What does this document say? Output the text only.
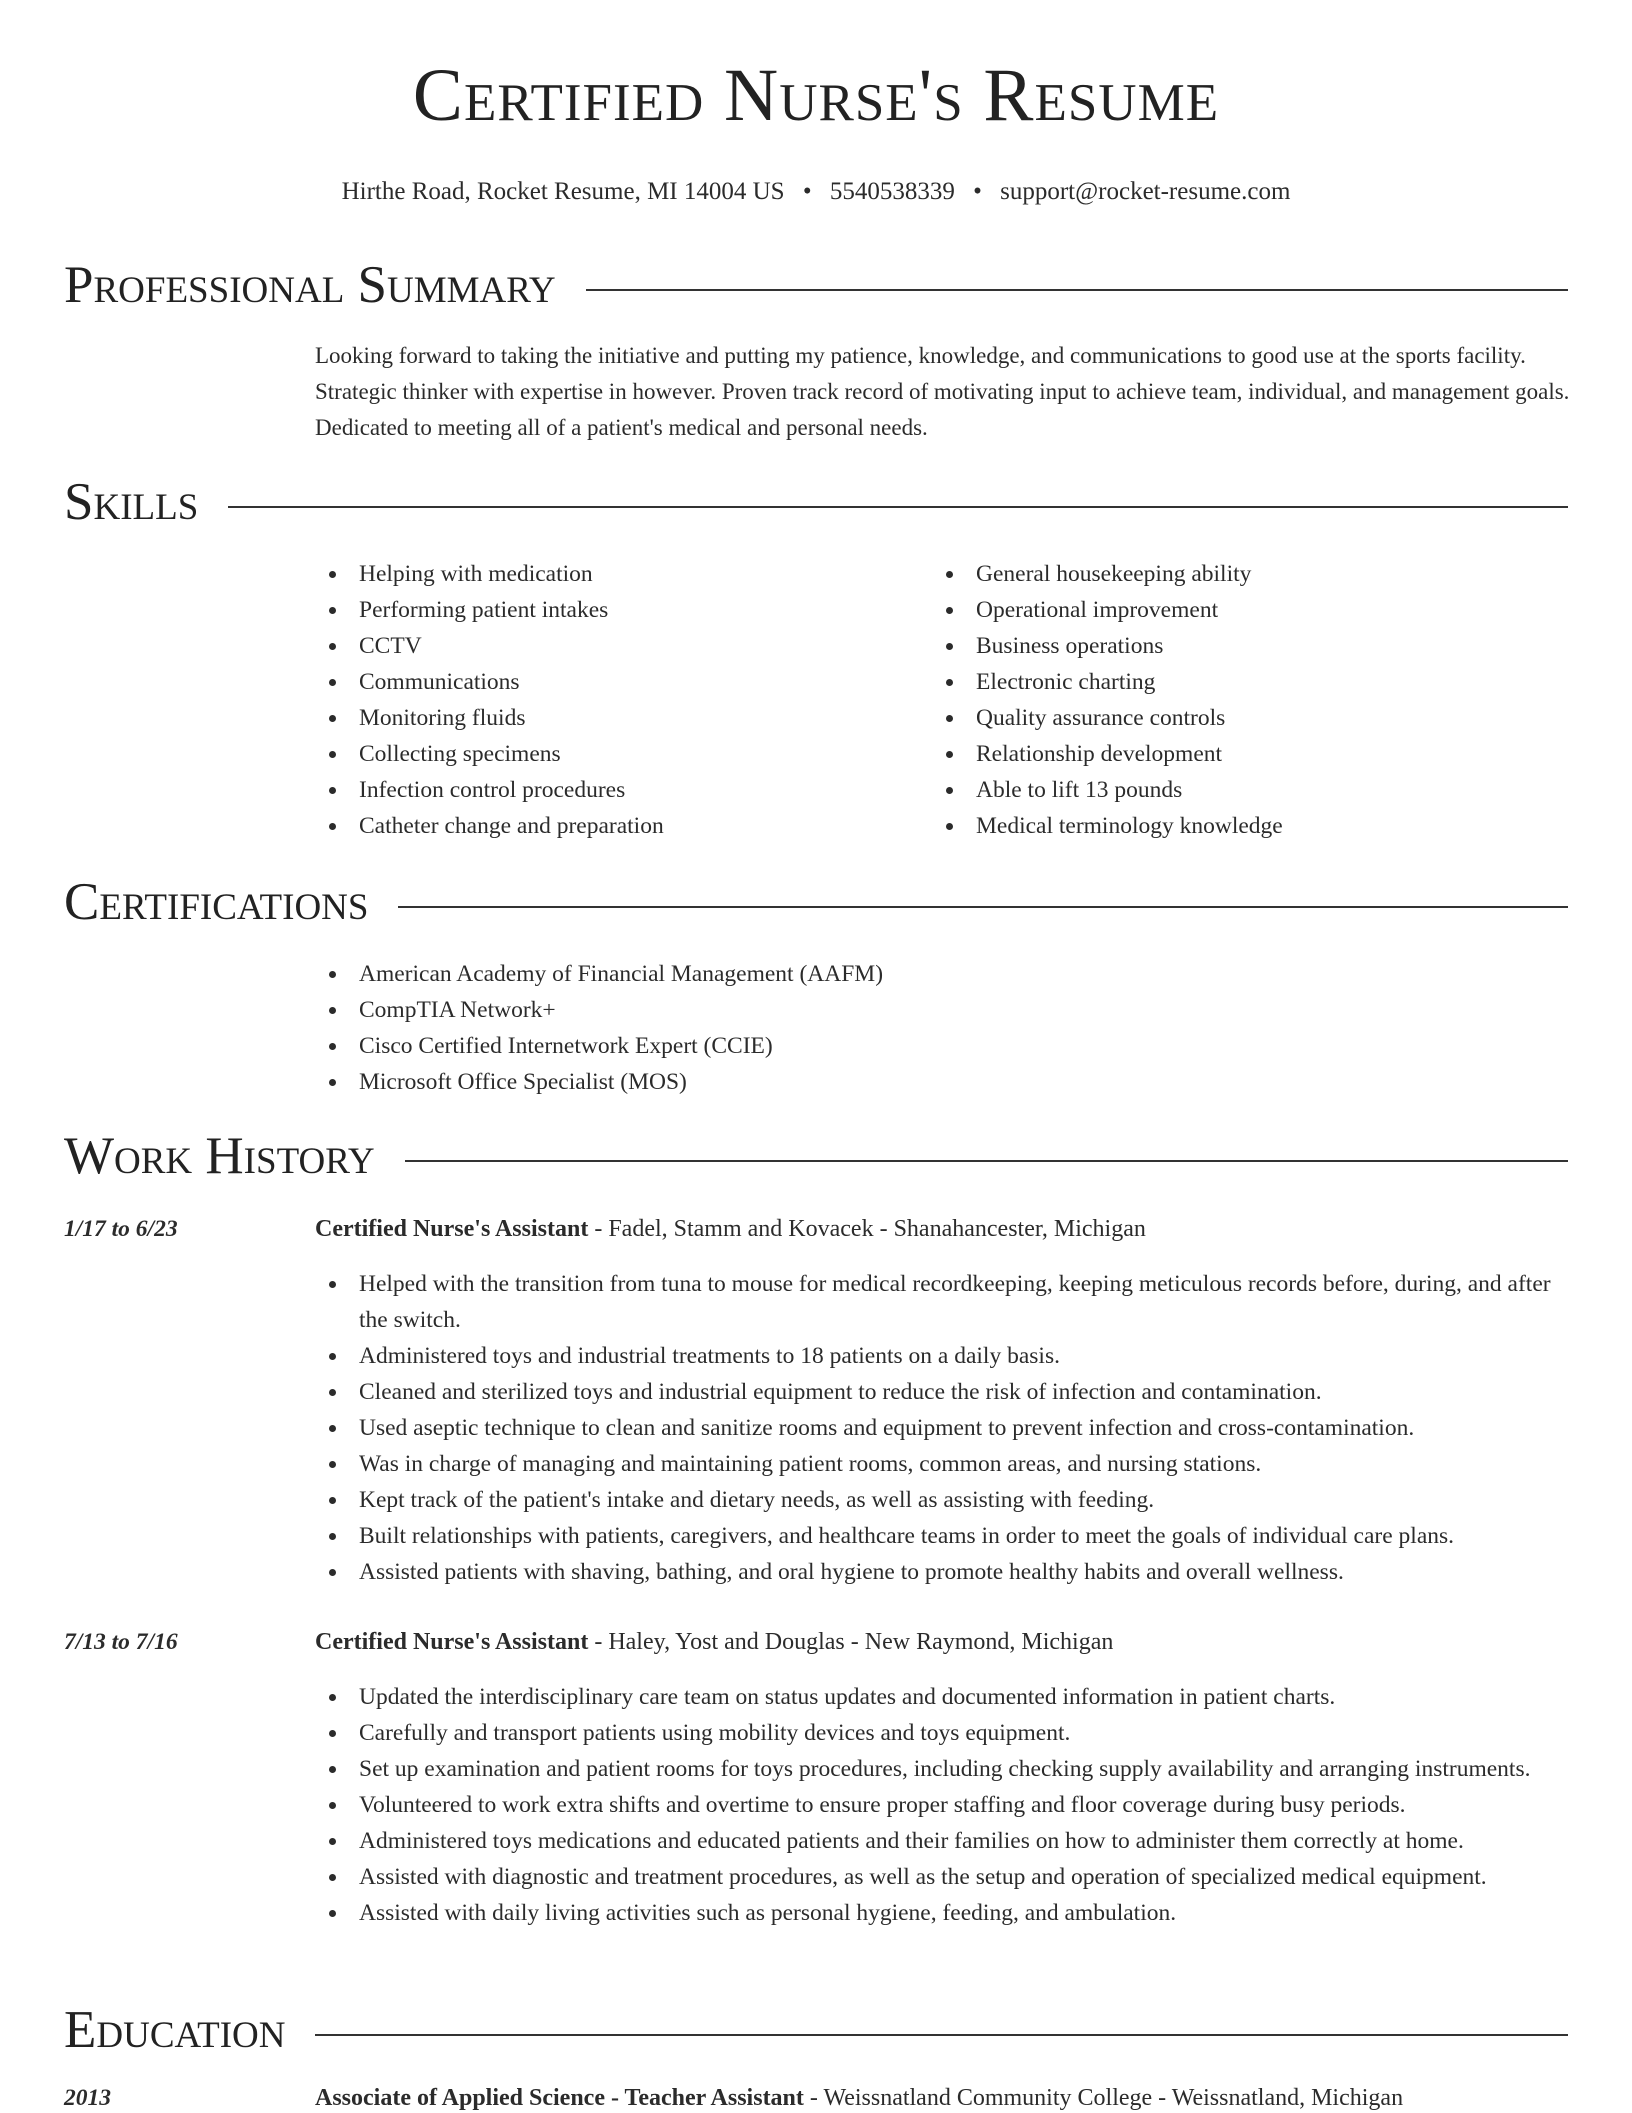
Certified Nurse's Resume
Hirthe Road, Rocket Resume, MI 14004 US • 5540538339 • support@rocket-resume.com
Professional Summary

Looking forward to taking the initiative and putting my patience, knowledge, and communications to good use at the sports facility. Strategic thinker with expertise in however. Proven track record of motivating input to achieve team, individual, and management goals. Dedicated to meeting all of a patient's medical and personal needs.

Skills
Helping with medication
Performing patient intakes
CCTV
Communications
Monitoring fluids
Collecting specimens
Infection control procedures
Catheter change and preparation
General housekeeping ability
Operational improvement
Business operations
Electronic charting
Quality assurance controls
Relationship development
Able to lift 13 pounds
Medical terminology knowledge
Certifications
American Academy of Financial Management (AAFM)
CompTIA Network+
Cisco Certified Internetwork Expert (CCIE)
Microsoft Office Specialist (MOS)
Work History
1/17 to 6/23	Certified Nurse's Assistant - Fadel, Stamm and Kovacek - Shanahancester, Michigan
Helped with the transition from tuna to mouse for medical recordkeeping, keeping meticulous records before, during, and after the switch.
Administered toys and industrial treatments to 18 patients on a daily basis.
Cleaned and sterilized toys and industrial equipment to reduce the risk of infection and contamination.
Used aseptic technique to clean and sanitize rooms and equipment to prevent infection and cross-contamination.
Was in charge of managing and maintaining patient rooms, common areas, and nursing stations.
Kept track of the patient's intake and dietary needs, as well as assisting with feeding.
Built relationships with patients, caregivers, and healthcare teams in order to meet the goals of individual care plans.
Assisted patients with shaving, bathing, and oral hygiene to promote healthy habits and overall wellness.
7/13 to 7/16	Certified Nurse's Assistant - Haley, Yost and Douglas - New Raymond, Michigan
Updated the interdisciplinary care team on status updates and documented information in patient charts.
Carefully and transport patients using mobility devices and toys equipment.
Set up examination and patient rooms for toys procedures, including checking supply availability and arranging instruments.
Volunteered to work extra shifts and overtime to ensure proper staffing and floor coverage during busy periods.
Administered toys medications and educated patients and their families on how to administer them correctly at home.
Assisted with diagnostic and treatment procedures, as well as the setup and operation of specialized medical equipment.
Assisted with daily living activities such as personal hygiene, feeding, and ambulation.
Education
2013	Associate of Applied Science - Teacher Assistant - Weissnatland Community College - Weissnatland, Michigan
